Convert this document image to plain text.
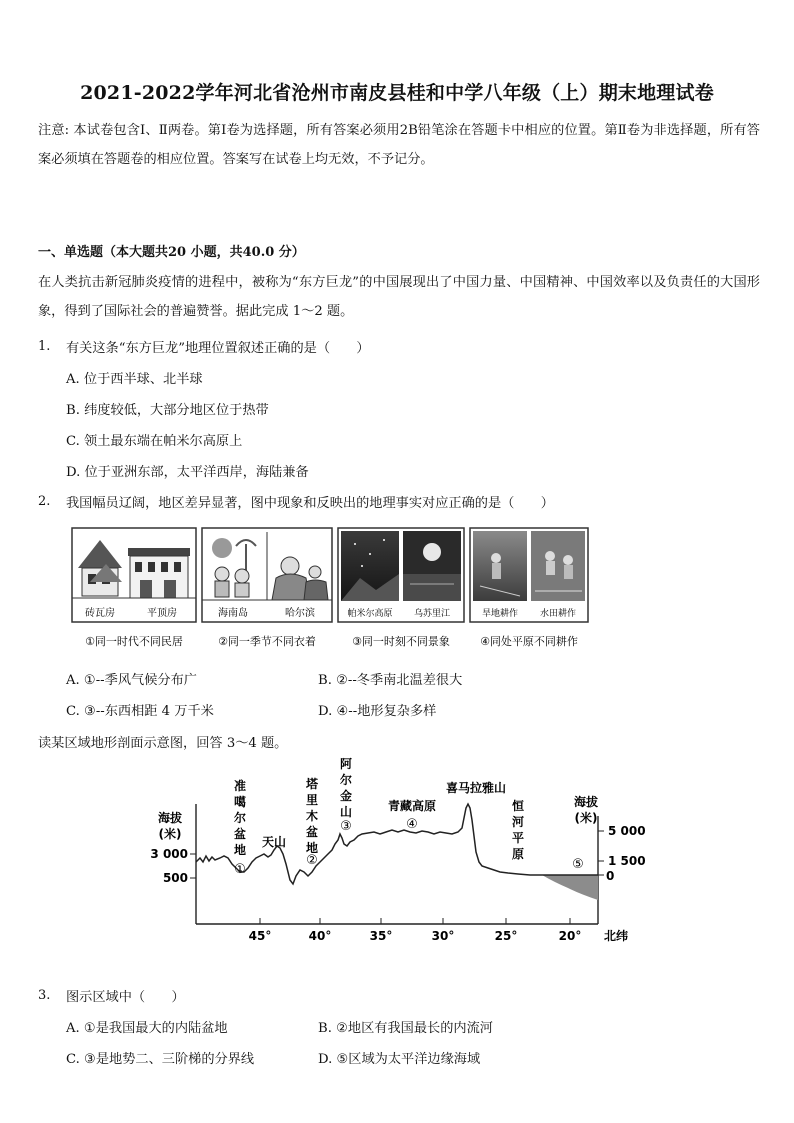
2021-2022学年河北省沧州市南皮县桂和中学八年级（上）期末地理试卷
注意: 本试卷包含Ⅰ、Ⅱ两卷。第Ⅰ卷为选择题，所有答案必须用2B铅笔涂在答题卡中相应的位置。第Ⅱ卷为非选择题，所有答案必须填在答题卷的相应位置。答案写在试卷上均无效，不予记分。
一、单选题（本大题共20 小题，共40.0 分）
在人类抗击新冠肺炎疫情的进程中，被称为“东方巨龙”的中国展现出了中国力量、中国精神、中国效率以及负责任的大国形象，得到了国际社会的普遍赞誉。据此完成 1～2 题。
1. 有关这条“东方巨龙”地理位置叙述正确的是（　　）
A. 位于西半球、北半球
B. 纬度较低，大部分地区位于热带
C. 领土最东端在帕米尔高原上
D. 位于亚洲东部，太平洋西岸，海陆兼备
2. 我国幅员辽阔，地区差异显著，图中现象和反映出的地理事实对应正确的是（　　）
砖瓦房	平顶房	海南岛	哈尔滨	帕米尔高原 乌苏里江	旱地耕作 水田耕作
①同一时代不同民居	②同一季节不同衣着	③同一时刻不同景象	④同处平原不同耕作
A. ①--季风气候分布广	B. ②--冬季南北温差很大
C. ③--东西相距 4 万千米	D. ④--地形复杂多样
读某区域地形剖面示意图，回答 3～4 题。
海拔
(米)
海拔
(米)
3 000
500
5 000
1 500
0
45°	40°	35°	30°	25°	20° 北纬
准
噶
尔
盆
地
①
天山
塔
里
木
盆
地
②
阿
尔
金
山
③
青藏高原
④
喜马拉雅山
恒
河
平
原
⑤
3. 图示区域中（　　）
A. ①是我国最大的内陆盆地	B. ②地区有我国最长的内流河
C. ③是地势二、三阶梯的分界线	D. ⑤区域为太平洋边缘海域
